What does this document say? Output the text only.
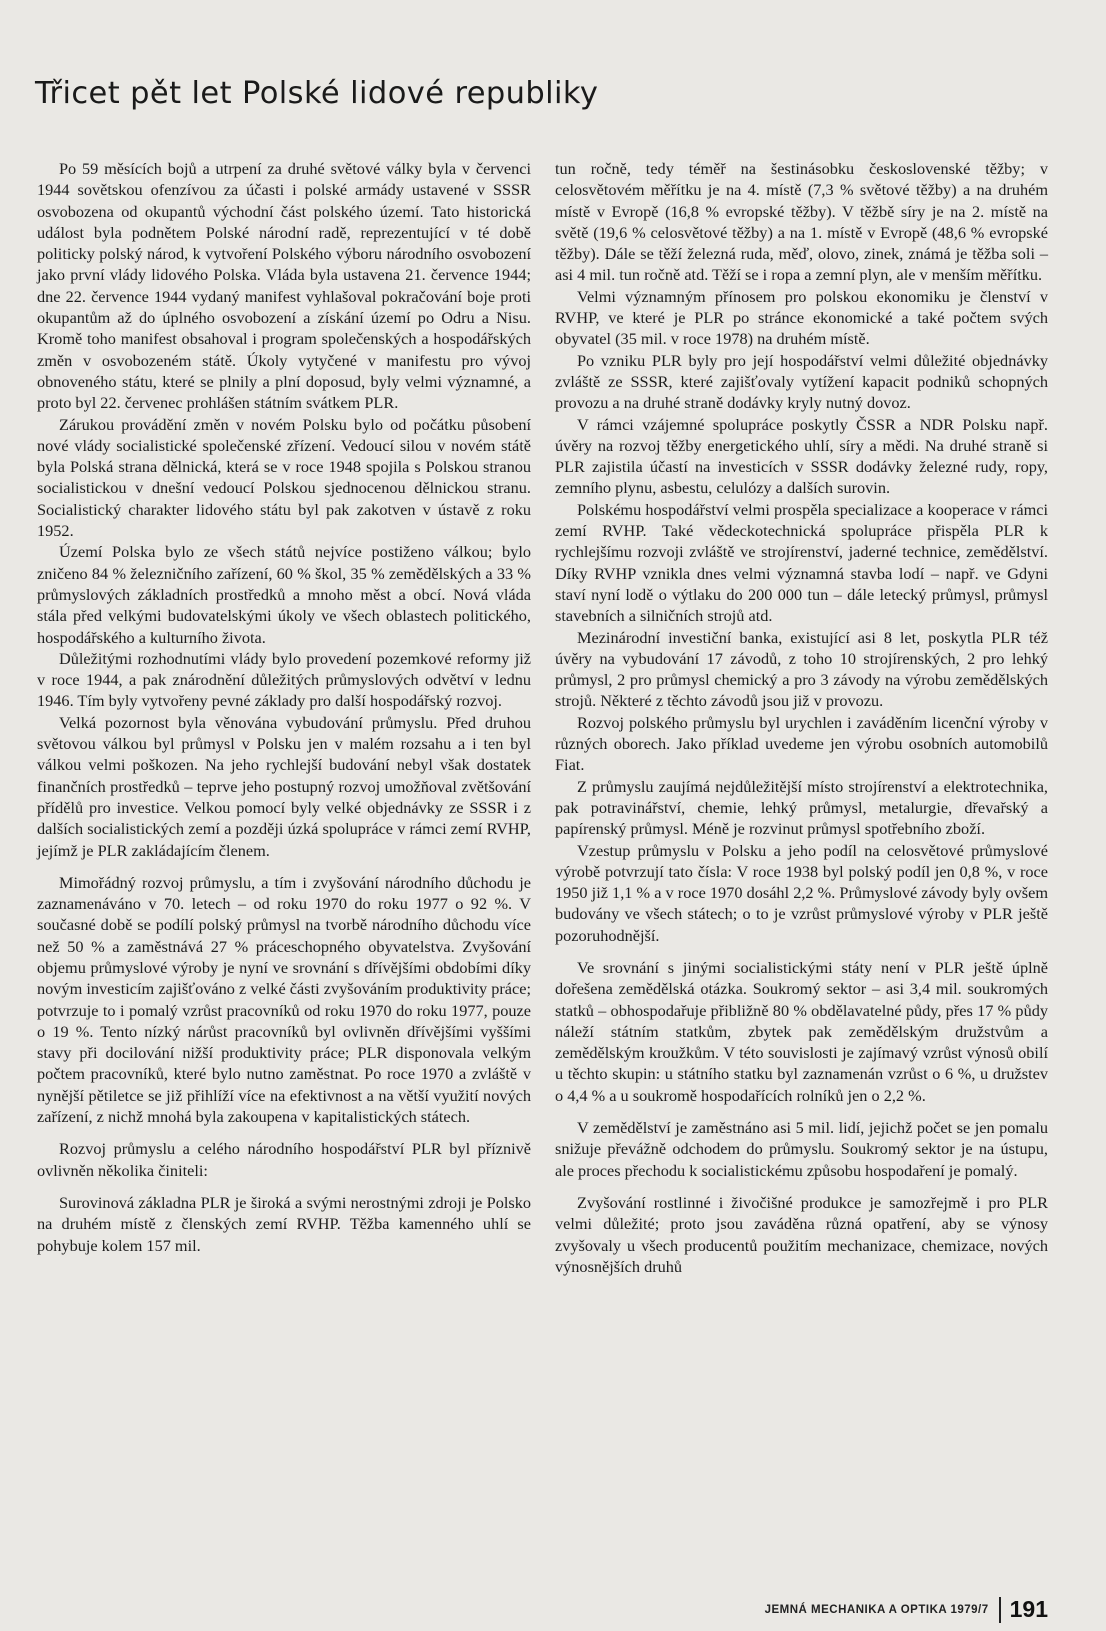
Třicet pět let Polské lidové republiky

Po 59 měsících bojů a utrpení za druhé světové války byla v červenci 1944 sovětskou ofenzívou za účasti i polské armády ustavené v SSSR osvobozena od okupantů východní část polského území. Tato historická událost byla podnětem Polské národní radě, reprezentující v té době politicky polský národ, k vytvoření Polského výboru národního osvobození jako první vlády lidového Polska. Vláda byla ustavena 21. července 1944; dne 22. července 1944 vydaný manifest vyhlašoval pokračování boje proti okupantům až do úplného osvobození a získání území po Odru a Nisu. Kromě toho manifest obsahoval i program společenských a hospodářských změn v osvobozeném státě. Úkoly vytyčené v manifestu pro vývoj obnoveného státu, které se plnily a plní doposud, byly velmi významné, a proto byl 22. červenec prohlášen státním svátkem PLR.

Zárukou provádění změn v novém Polsku bylo od počátku působení nové vlády socialistické společenské zřízení. Vedoucí silou v novém státě byla Polská strana dělnická, která se v roce 1948 spojila s Polskou stranou socialistickou v dnešní vedoucí Polskou sjednocenou dělnickou stranu. Socialistický charakter lidového státu byl pak zakotven v ústavě z roku 1952.

Území Polska bylo ze všech států nejvíce postiženo válkou; bylo zničeno 84 % železničního zařízení, 60 % škol, 35 % zemědělských a 33 % průmyslových základních prostředků a mnoho měst a obcí. Nová vláda stála před velkými budovatelskými úkoly ve všech oblastech politického, hospodářského a kulturního života.

Důležitými rozhodnutími vlády bylo provedení pozemkové reformy již v roce 1944, a pak znárodnění důležitých průmyslových odvětví v lednu 1946. Tím byly vytvořeny pevné základy pro další hospodářský rozvoj.

Velká pozornost byla věnována vybudování průmyslu. Před druhou světovou válkou byl průmysl v Polsku jen v malém rozsahu a i ten byl válkou velmi poškozen. Na jeho rychlejší budování nebyl však dostatek finančních prostředků – teprve jeho postupný rozvoj umožňoval zvětšování přídělů pro investice. Velkou pomocí byly velké objednávky ze SSSR i z dalších socialistických zemí a později úzká spolupráce v rámci zemí RVHP, jejímž je PLR zakládajícím členem.

Mimořádný rozvoj průmyslu, a tím i zvyšování národního důchodu je zaznamenáváno v 70. letech – od roku 1970 do roku 1977 o 92 %. V současné době se podílí polský průmysl na tvorbě národního důchodu více než 50 % a zaměstnává 27 % práceschopného obyvatelstva. Zvyšování objemu průmyslové výroby je nyní ve srovnání s dřívějšími obdobími díky novým investicím zajišťováno z velké části zvyšováním produktivity práce; potvrzuje to i pomalý vzrůst pracovníků od roku 1970 do roku 1977, pouze o 19 %. Tento nízký nárůst pracovníků byl ovlivněn dřívějšími vyššími stavy při docilování nižší produktivity práce; PLR disponovala velkým počtem pracovníků, které bylo nutno zaměstnat. Po roce 1970 a zvláště v nynější pětiletce se již přihlíží více na efektivnost a na větší využití nových zařízení, z nichž mnohá byla zakoupena v kapitalistických státech.

Rozvoj průmyslu a celého národního hospodářství PLR byl příznivě ovlivněn několika činiteli:

Surovinová základna PLR je široká a svými nerostnými zdroji je Polsko na druhém místě z členských zemí RVHP. Těžba kamenného uhlí se pohybuje kolem 157 mil.

tun ročně, tedy téměř na šestinásobku československé těžby; v celosvětovém měřítku je na 4. místě (7,3 % světové těžby) a na druhém místě v Evropě (16,8 % evropské těžby). V těžbě síry je na 2. místě na světě (19,6 % celosvětové těžby) a na 1. místě v Evropě (48,6 % evropské těžby). Dále se těží železná ruda, měď, olovo, zinek, známá je těžba soli – asi 4 mil. tun ročně atd. Těží se i ropa a zemní plyn, ale v menším měřítku.

Velmi významným přínosem pro polskou ekonomiku je členství v RVHP, ve které je PLR po stránce ekonomické a také počtem svých obyvatel (35 mil. v roce 1978) na druhém místě.

Po vzniku PLR byly pro její hospodářství velmi důležité objednávky zvláště ze SSSR, které zajišťovaly vytížení kapacit podniků schopných provozu a na druhé straně dodávky kryly nutný dovoz.

V rámci vzájemné spolupráce poskytly ČSSR a NDR Polsku např. úvěry na rozvoj těžby energetického uhlí, síry a mědi. Na druhé straně si PLR zajistila účastí na investicích v SSSR dodávky železné rudy, ropy, zemního plynu, asbestu, celulózy a dalších surovin.

Polskému hospodářství velmi prospěla specializace a kooperace v rámci zemí RVHP. Také vědeckotechnická spolupráce přispěla PLR k rychlejšímu rozvoji zvláště ve strojírenství, jaderné technice, zemědělství. Díky RVHP vznikla dnes velmi významná stavba lodí – např. ve Gdyni staví nyní lodě o výtlaku do 200 000 tun – dále letecký průmysl, průmysl stavebních a silničních strojů atd.

Mezinárodní investiční banka, existující asi 8 let, poskytla PLR též úvěry na vybudování 17 závodů, z toho 10 strojírenských, 2 pro lehký průmysl, 2 pro průmysl chemický a pro 3 závody na výrobu zemědělských strojů. Některé z těchto závodů jsou již v provozu.

Rozvoj polského průmyslu byl urychlen i zaváděním licenční výroby v různých oborech. Jako příklad uvedeme jen výrobu osobních automobilů Fiat.

Z průmyslu zaujímá nejdůležitější místo strojírenství a elektrotechnika, pak potravinářství, chemie, lehký průmysl, metalurgie, dřevařský a papírenský průmysl. Méně je rozvinut průmysl spotřebního zboží.

Vzestup průmyslu v Polsku a jeho podíl na celosvětové průmyslové výrobě potvrzují tato čísla: V roce 1938 byl polský podíl jen 0,8 %, v roce 1950 již 1,1 % a v roce 1970 dosáhl 2,2 %. Průmyslové závody byly ovšem budovány ve všech státech; o to je vzrůst průmyslové výroby v PLR ještě pozoruhodnější.

Ve srovnání s jinými socialistickými státy není v PLR ještě úplně dořešena zemědělská otázka. Soukromý sektor – asi 3,4 mil. soukromých statků – obhospodařuje přibližně 80 % obdělavatelné půdy, přes 17 % půdy náleží státním statkům, zbytek pak zemědělským družstvům a zemědělským kroužkům. V této souvislosti je zajímavý vzrůst výnosů obilí u těchto skupin: u státního statku byl zaznamenán vzrůst o 6 %, u družstev o 4,4 % a u soukromě hospodařících rolníků jen o 2,2 %.

V zemědělství je zaměstnáno asi 5 mil. lidí, jejichž počet se jen pomalu snižuje převážně odchodem do průmyslu. Soukromý sektor je na ústupu, ale proces přechodu k socialistickému způsobu hospodaření je pomalý.

Zvyšování rostlinné i živočišné produkce je samozřejmě i pro PLR velmi důležité; proto jsou zaváděna různá opatření, aby se výnosy zvyšovaly u všech producentů použitím mechanizace, chemizace, nových výnosnějších druhů

JEMNÁ MECHANIKA A OPTIKA 1979/7 191
